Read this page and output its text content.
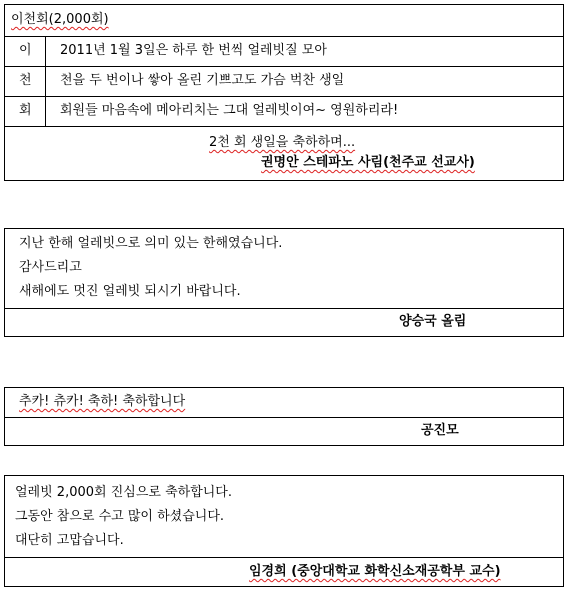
이천회(2,000회)
이 2011년 1월 3일은 하루 한 번씩 얼레빗질 모아
천 천을 두 번이나 쌓아 올린 기쁘고도 가슴 벅찬 생일
회 회원들 마음속에 메아리치는 그대 얼레빗이여~ 영원하리라!
2천 회 생일을 축하하며...
권명안 스테파노 사림(천주교 선교사)
지난 한해 얼레빗으로 의미 있는 한해였습니다.
감사드리고
새해에도 멋진 얼레빗 되시기 바랍니다.
양승국 올림
추카! 츄카! 축하! 축하합니다
공진모
얼레빗 2,000회 진심으로 축하합니다.
그동안 참으로 수고 많이 하셨습니다.
대단히 고맙습니다.
임경희 (중앙대학교 화학신소재공학부 교수)
